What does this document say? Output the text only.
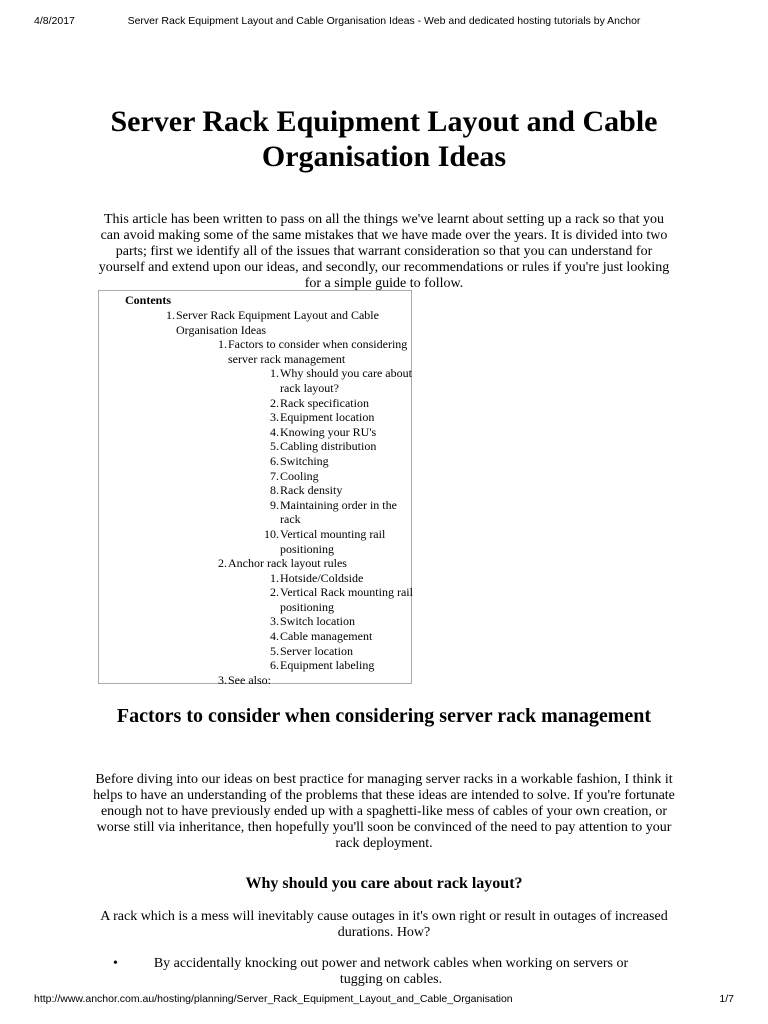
4/8/2017	Server Rack Equipment Layout and Cable Organisation Ideas - Web and dedicated hosting tutorials by Anchor
Server Rack Equipment Layout and Cable Organisation Ideas

This article has been written to pass on all the things we've learnt about setting up a rack so that you can avoid making some of the same mistakes that we have made over the years. It is divided into two parts; first we identify all of the issues that warrant consideration so that you can understand for yourself and extend upon our ideas, and secondly, our recommendations or rules if you're just looking for a simple guide to follow.

Contents
1. Server Rack Equipment Layout and Cable Organisation Ideas
1. Factors to consider when considering server rack management
1. Why should you care about rack layout?
2. Rack specification
3. Equipment location
4. Knowing your RU's
5. Cabling distribution
6. Switching
7. Cooling
8. Rack density
9. Maintaining order in the rack
10. Vertical mounting rail positioning
2. Anchor rack layout rules
1. Hotside/Coldside
2. Vertical Rack mounting rail positioning
3. Switch location
4. Cable management
5. Server location
6. Equipment labeling
3. See also:
Factors to consider when considering server rack management

Before diving into our ideas on best practice for managing server racks in a workable fashion, I think it helps to have an understanding of the problems that these ideas are intended to solve. If you're fortunate enough not to have previously ended up with a spaghetti-like mess of cables of your own creation, or worse still via inheritance, then hopefully you'll soon be convinced of the need to pay attention to your rack deployment.

Why should you care about rack layout?

A rack which is a mess will inevitably cause outages in it's own right or result in outages of increased durations. How?

•	By accidentally knocking out power and network cables when working on servers or tugging on cables.
http://www.anchor.com.au/hosting/planning/Server_Rack_Equipment_Layout_and_Cable_Organisation	1/7
